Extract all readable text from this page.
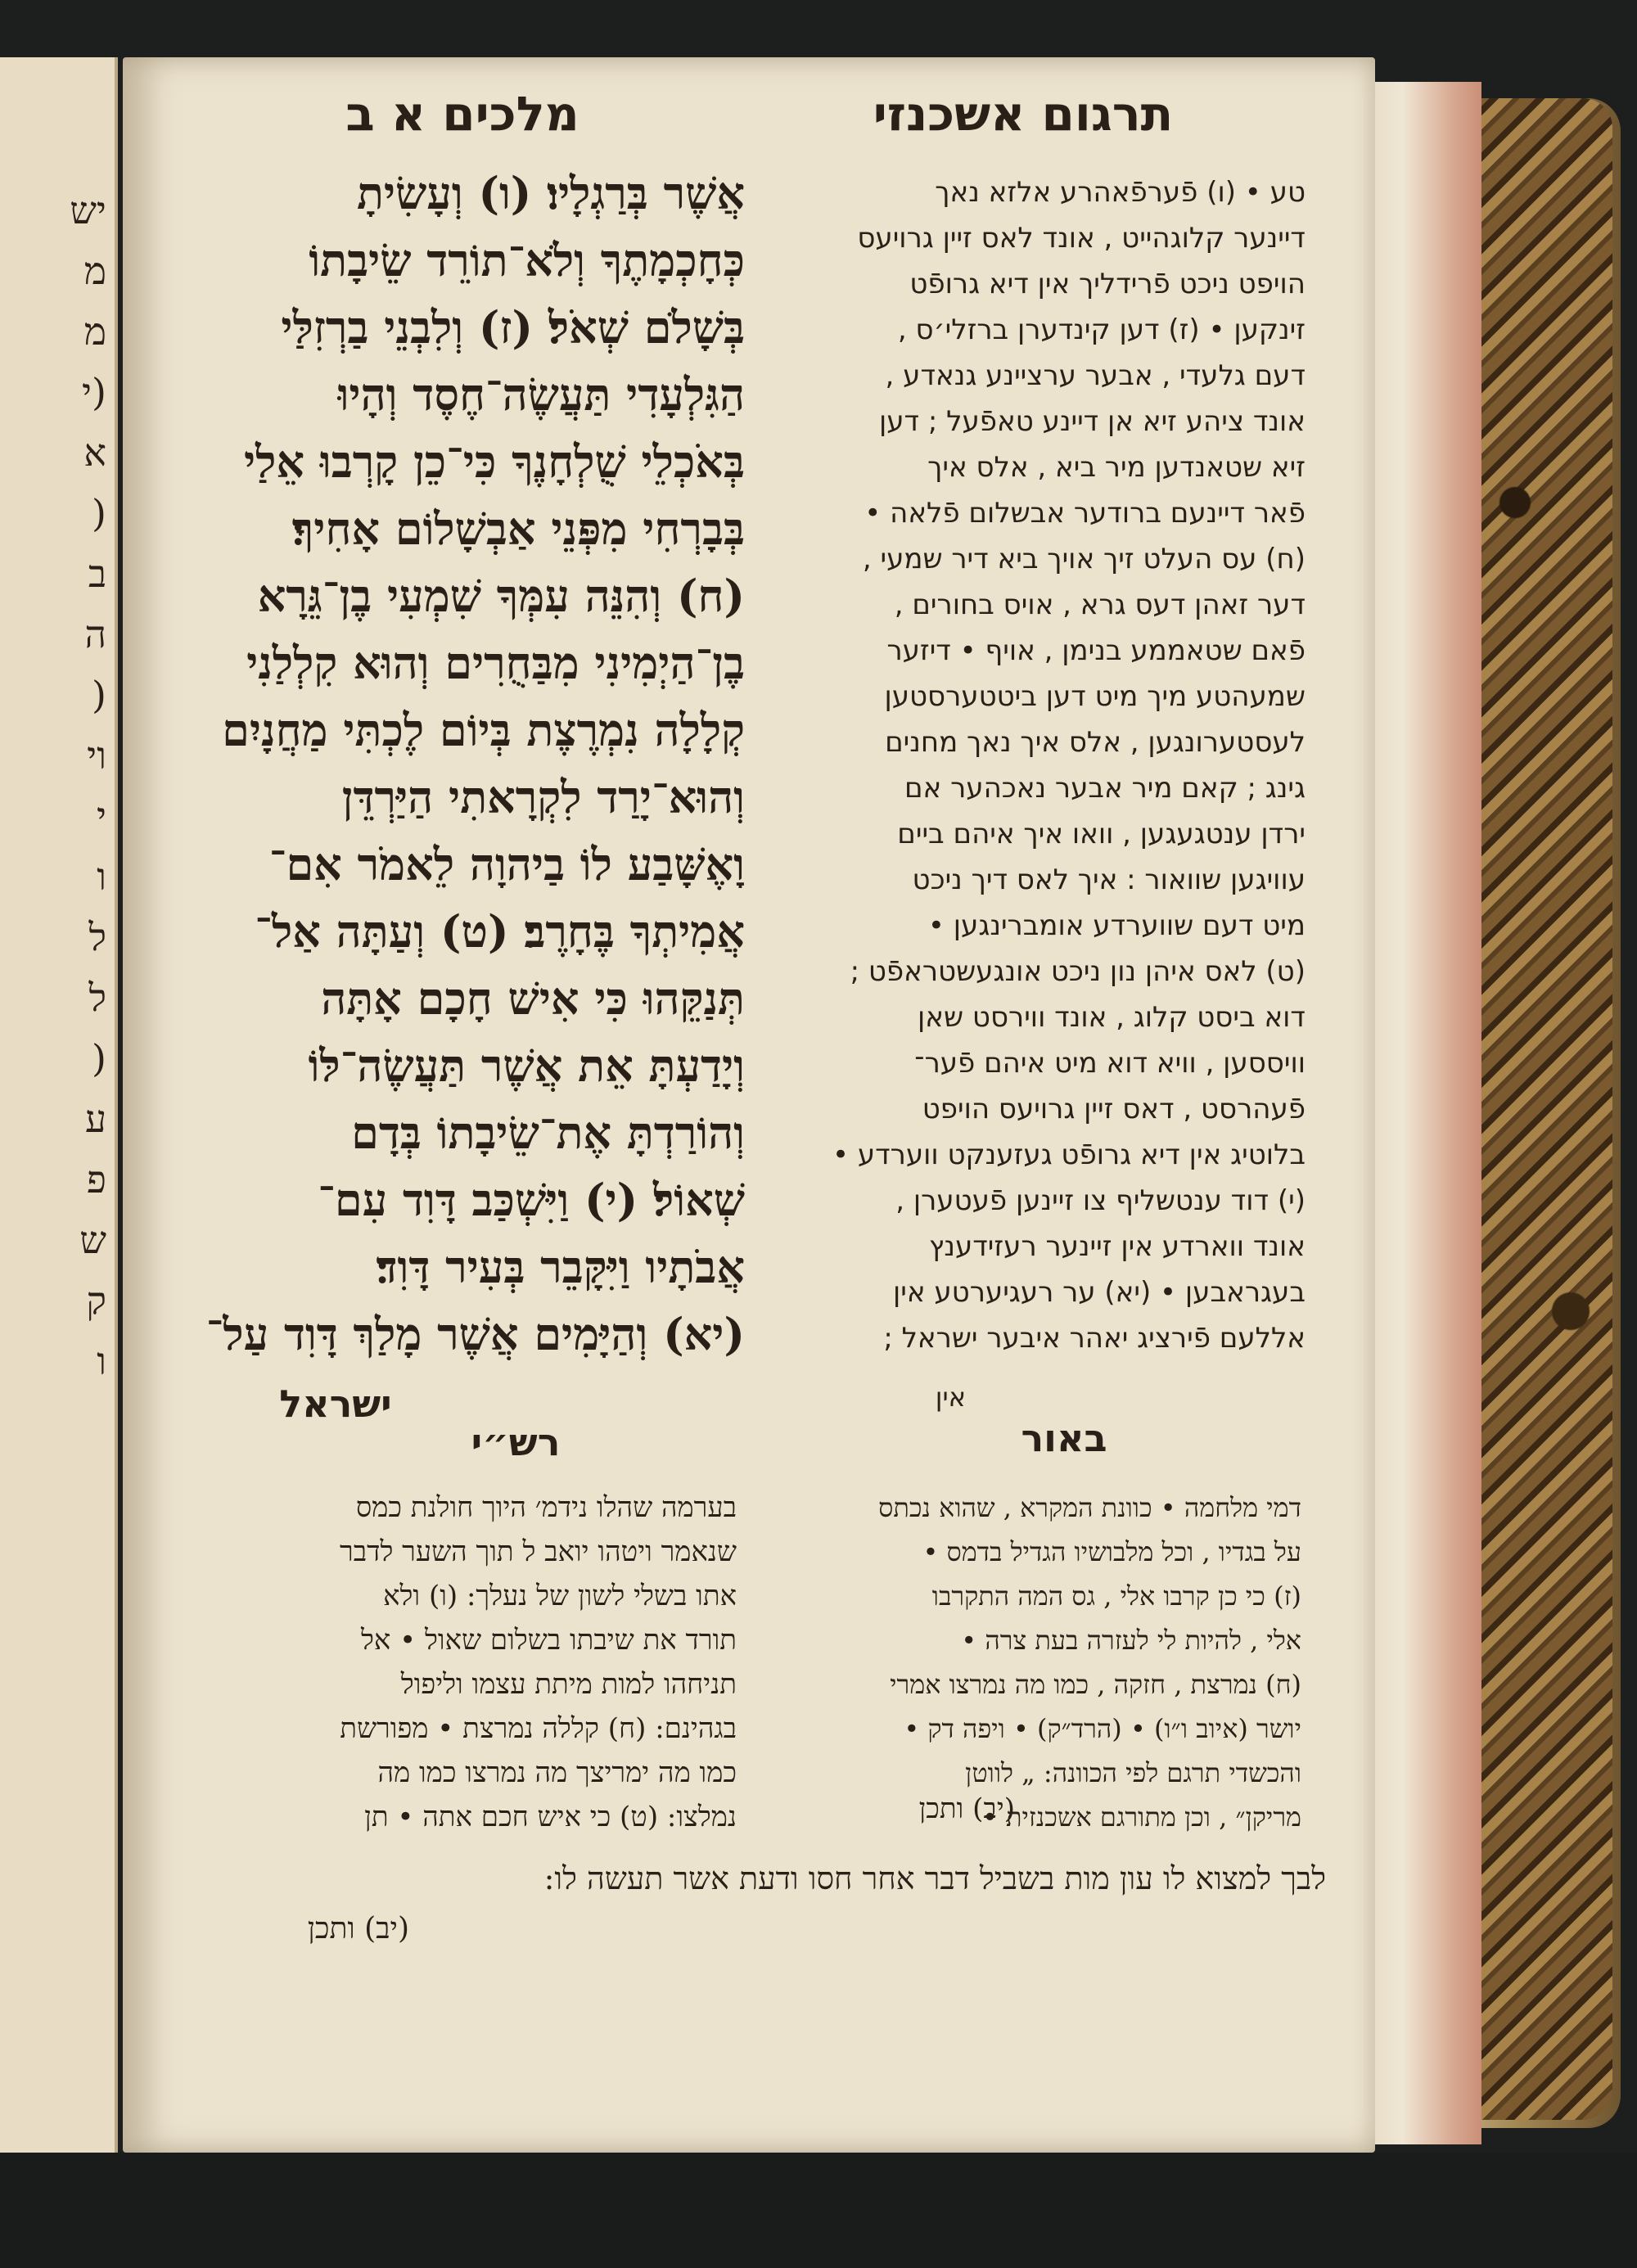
יש
מ
מ
(י
א
(
ב
ה
(
וי
י
ו
ל
ל
(
ע
פ
ש
ק
ו
תרגום אשכנזי
מלכים א ב
אֲשֶׁר בְּרַגְלָיו׃ (ו) וְעָשִׂיתָ
כְּחָכְמָתֶךָ וְלֹא־תוֹרֵד שֵׂיבָתוֹ
בְּשָׁלֹם שְׁאֹל׃ (ז) וְלִבְנֵי בַרְזִלַּי
הַגִּלְעָדִי תַּעֲשֶׂה־חֶסֶד וְהָיוּ
בְּאֹכְלֵי שֻׁלְחָנֶךָ כִּי־כֵן קָרְבוּ אֵלַי
בְּבָרְחִי מִפְּנֵי אַבְשָׁלוֹם אָחִיךָ׃
(ח) וְהִנֵּה עִמְּךָ שִׁמְעִי בֶן־גֵּרָא
בֶן־הַיְמִינִי מִבַּחֻרִים וְהוּא קִלְלַנִי
קְלָלָה נִמְרֶצֶת בְּיוֹם לֶכְתִּי מַחֲנָיִם
וְהוּא־יָרַד לִקְרָאתִי הַיַּרְדֵּן
וָאֶשָּׁבַע לוֹ בַיהוָה לֵאמֹר אִם־
אֲמִיתְךָ בֶּחָרֶב׃ (ט) וְעַתָּה אַל־
תְּנַקֵּהוּ כִּי אִישׁ חָכָם אָתָּה
וְיָדַעְתָּ אֵת אֲשֶׁר תַּעֲשֶׂה־לּוֹ
וְהוֹרַדְתָּ אֶת־שֵׂיבָתוֹ בְּדָם
שְׁאוֹל׃ (י) וַיִּשְׁכַּב דָּוִד עִם־
אֲבֹתָיו וַיִּקָּבֵר בְּעִיר דָּוִד׃
(יא) וְהַיָּמִים אֲשֶׁר מָלַךְ דָּוִד עַל־
ישראל
טע • (ו) פֿערפֿאהרע אלזא נאך
דיינער קלוגהייט , אונד לאס זיין גרויעס
הויפט ניכט פֿרידליך אין דיא גרופֿט
זינקען • (ז) דען קינדערן ברזלי׳ס ,
דעם גלעדי , אבער ערציינע גנאדע ,
אונד ציהע זיא אן דיינע טאפֿעל ; דען
זיא שטאנדען מיר ביא , אלס איך
פֿאר דיינעם ברודער אבשלום פֿלאה •
(ח) עס העלט זיך אויך ביא דיר שמעי ,
דער זאהן דעס גרא , אויס בחורים ,
פֿאם שטאממע בנימן , אויף • דיזער
שמעהטע מיך מיט דען ביטטערסטען
לעסטערונגען , אלס איך נאך מחנים
גינג ; קאם מיר אבער נאכהער אם
ירדן ענטגעגען , וואו איך איהם ביים
עוויגען שוואור : איך לאס דיך ניכט
מיט דעם שווערדע אומברינגען •
(ט) לאס איהן נון ניכט אונגעשטראפֿט ;
דוא ביסט קלוג , אונד ווירסט שאן
וויססען , וויא דוא מיט איהם פֿער־
פֿעהרסט , דאס זיין גרויעס הויפט
בלוטיג אין דיא גרופֿט געזענקט ווערדע •
(י) דוד ענטשליף צו זיינען פֿעטערן ,
אונד ווארדע אין זיינער רעזידענץ
בעגראבען • (יא) ער רעגיערטע אין
אללעם פֿירציג יאהר איבער ישראל ;
אין
רש״י	באור
בערמה שהלו נידמ׳ היוך חולנת כמס
שנאמר ויטהו יואב ל תוך השער לדבר
אתו בשלי לשון של נעלך: (ו) ולא
תורד את שיבתו בשלום שאול • אל
תניחהו למות מיתת עצמו וליפול
בגהינם: (ח) קללה נמרצת • מפורשת
כמו מה ימריצך מה נמרצו כמו מה
נמלצו: (ט) כי איש חכם אתה • תן
דמי מלחמה • כוונת המקרא , שהוא נכתס
על בגדיו , וכל מלבושיו הגדיל בדמס •
(ז) כי כן קרבו אלי , גס המה התקרבו
אלי , להיות לי לעזרה בעת צרה •
(ח) נמרצת , חזקה , כמו מה נמרצו אמרי
יושר (איוב ו״ו) • (הרד״ק) • ויפה דק •
והכשדי תרגם לפי הכוונה: „ לווטן
מריקן״ , וכן מתורגם אשכנזית •
(יב) ותכן
לבך למצוא לו עון מות בשביל דבר אחר חסו ודעת אשר תעשה לו:
(יב) ותכן
